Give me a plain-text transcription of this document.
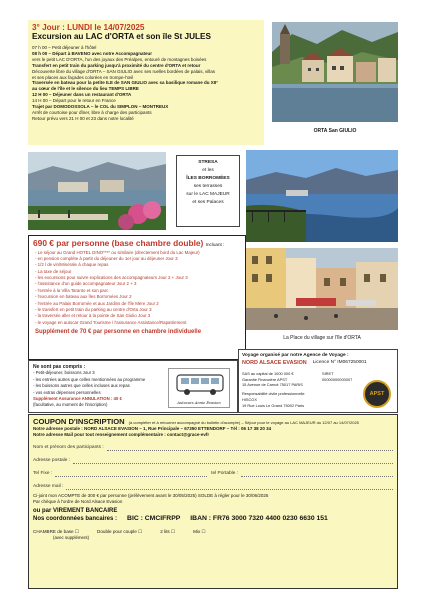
3° Jour : LUNDI le 14/07/2025
Excursion au LAC d'ORTA et son île St JULES

07 h 00 – Petit déjeuner à l'hôtel

08 h 00 – Départ à BAVENO avec notre Accompagnateur

vers le petit LAC D'ORTA, l'un des joyaux des Préalpes, entouré de montagnes boisées

Transfert en petit train du parking jusqu'à proximité du centre d'ORTA et retour

Découverte libre du village d'ORTA – SAN GIULIO avec ses ruelles bordées de palais, villas

et ses places aux façades colorées en trompe-l'œil

Traversée en bateau pour la petite ILE de SAN GIULIO avec sa basilique romane du XII°

au cœur de l'île et le silence du lieu TEMPS LIBRE

12 H 00 – Déjeuner dans un restaurant d'ORTA

14 H 00 – Départ pour le retour en France

Trajet par DOMODOSSOLA – le COL du SIMPLON – MONTREUX

Arrêt de courtoise pour dîner, libre à charge des participants

Retour prévu vers 21 H 00 et 23 dans notre localité

ORTA San GIULIO
STRESA
et les
ÎLES BORROMÉES
ses terrasses
sur le LAC MAJEUR
et ses Palaces
La Place du village sur l'île d'ORTA
690 € par personne (base chambre double) Incluant :
- Le séjour au Grand HOTEL DINO**** ou similaire (directement bord du Lac Majeur)
- en pension complète à partir du déjeuner du 1er jour au déjeuner Jour 3
- 1/2 l de vin/Minérale à chaque repas
- La taxe de séjour
- les excursions pour suivre explications des accompagnateurs Jour 2 + Jour 3
- l'assistance d'un guide accompagnateur Jour 2 + 3
- l'entrée à la Villa Taranto et son parc
- l'excursion en bateau aux îles Borromées Jour 2
- l'entrée au Palais Borromée et aux Jardins de l'île Mère Jour 2
- le transfert en petit train du parking au centre d'Orta Jour 3
- la traversée aller et retour à la pointe de San Giulio Jour 3
- le voyage en autocar Grand Tourisme / l'assurance Assistance/Rapatriement
Supplément de 70 € par personne en chambre individuelle
Ne sont pas compris :
- Petit-déjeuner, boissons Jour 3
- les entrées autres que celles mentionnées au programme
- les boissons autres que celles incluses aux repas
- vos extras dépenses personnelles
Supplément Assurance ANNULATION : 40 €
(facultative, au moment de l'inscription)	Autocars Annie Evasion
Voyage organisé par notre Agence de Voyage :
NORD ALSACE EVASION Licence N° IM067250001
SAS au capital de 1000 000 €
Garantie Financière APST
15 Avenue de Carnot 75017 PARIS
Responsabilité civile professionnelle
HISCOX
19 Rue Louis Le Grand 75002 Paris
SIRET 00000000000007
APST
COUPON D'INSCRIPTION (à compléter et à retourner accompagné du bulletin d'acompte) – Séjour pour le voyage au LAC MAJEUR du 12/07 au 14/07/2025
Notre adresse postale : NORD ALSACE EVASION – 1, Rue Principale – 67350 ETTENDORF – Tél : 06 17 38 20 34
Notre adresse Mail pour tout renseignement complémentaire : contact@grace-evfr
Nom et prénom des participants :
Adresse postale :
Tel Fixe :	tel Portable :
Adresse mail :
Ci-joint mon ACOMPTE de 300 € par personne (prélèvement avant le 30/05/2025) SOLDE à régler pour le 30/06/2025
Par chèque à l'ordre de Nord Alsace Evasion
ou par VIREMENT BANCAIRE
Nos coordonnées bancaires : BIC : CMCIFRPP IBAN : FR76 3000 7320 4400 0230 6630 151
CHAMBRE de base ☐	Double pour couple ☐	2 lits ☐	Mix ☐
(avec supplément)
